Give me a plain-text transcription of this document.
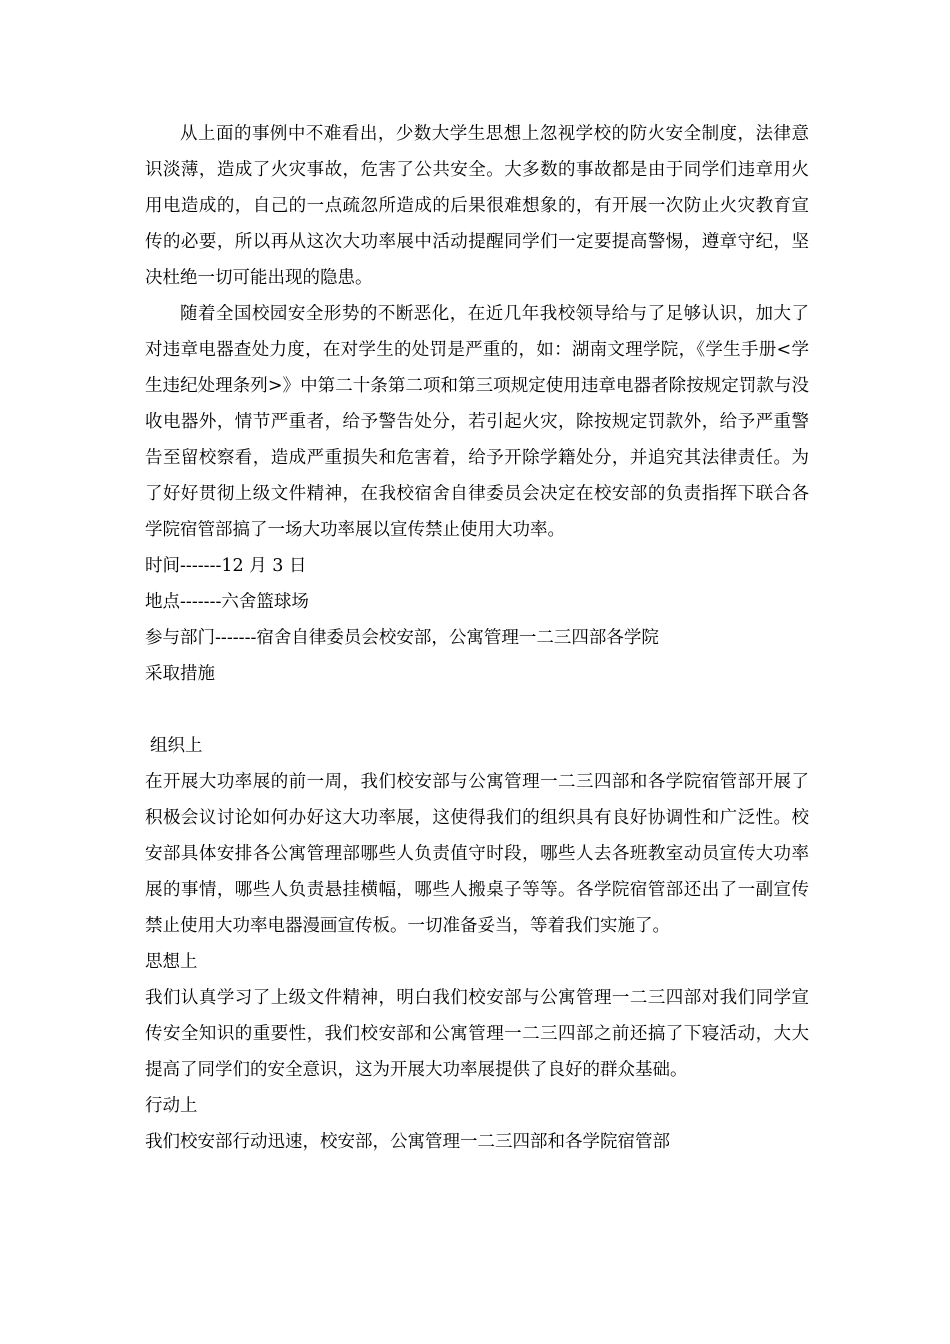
从上面的事例中不难看出，少数大学生思想上忽视学校的防火安全制度，法律意识淡薄，造成了火灾事故，危害了公共安全。大多数的事故都是由于同学们违章用火用电造成的，自己的一点疏忽所造成的后果很难想象的，有开展一次防止火灾教育宣传的必要，所以再从这次大功率展中活动提醒同学们一定要提高警惕，遵章守纪，坚决杜绝一切可能出现的隐患。

随着全国校园安全形势的不断恶化，在近几年我校领导给与了足够认识，加大了对违章电器查处力度，在对学生的处罚是严重的，如：湖南文理学院，《学生手册<学生违纪处理条列>》中第二十条第二项和第三项规定使用违章电器者除按规定罚款与没收电器外，情节严重者，给予警告处分，若引起火灾，除按规定罚款外，给予严重警告至留校察看，造成严重损失和危害着，给予开除学籍处分，并追究其法律责任。为了好好贯彻上级文件精神，在我校宿舍自律委员会决定在校安部的负责指挥下联合各学院宿管部搞了一场大功率展以宣传禁止使用大功率。

时间-------12 月 3 日

地点-------六舍篮球场

参与部门-------宿舍自律委员会校安部，公寓管理一二三四部各学院

采取措施

组织上

在开展大功率展的前一周，我们校安部与公寓管理一二三四部和各学院宿管部开展了积极会议讨论如何办好这大功率展，这使得我们的组织具有良好协调性和广泛性。校安部具体安排各公寓管理部哪些人负责值守时段，哪些人去各班教室动员宣传大功率展的事情，哪些人负责悬挂横幅，哪些人搬桌子等等。各学院宿管部还出了一副宣传禁止使用大功率电器漫画宣传板。一切准备妥当，等着我们实施了。

思想上

我们认真学习了上级文件精神，明白我们校安部与公寓管理一二三四部对我们同学宣传安全知识的重要性，我们校安部和公寓管理一二三四部之前还搞了下寝活动，大大提高了同学们的安全意识，这为开展大功率展提供了良好的群众基础。

行动上

我们校安部行动迅速，校安部，公寓管理一二三四部和各学院宿管部
